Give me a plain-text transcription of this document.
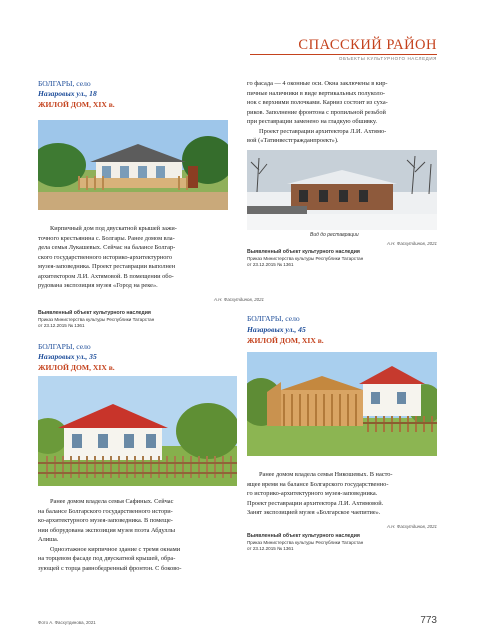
СПАССКИЙ РАЙОН
ОБЪЕКТЫ КУЛЬТУРНОГО НАСЛЕДИЯ
БОЛГАРЫ, село
Назаровых ул., 18
ЖИЛОЙ ДОМ, XIX в.
Кирпичный дом под двускатной крышей зажи-
точного крестьянина с. Болгары. Ранее домом вла-
дела семья Лукашевых. Сейчас на балансе Болгар-
ского государственного историко-архитектурного
музея-заповедника. Проект реставрации выполнен
архитектором Л.И. Ахтямовой. В помещении обо-
рудована экспозиция музея «Город на реке».
А.Н. Фасхутдинов, 2021
Выявленный объект культурного наследия
Приказ Министерства культуры Республики Татарстан
от 23.12.2015 № 1361
БОЛГАРЫ, село
Назаровых ул., 35
ЖИЛОЙ ДОМ, XIX в.
Ранее домом владела семья Сафиных. Сейчас
на балансе Болгарского государственного истори-
ко-архитектурного музея-заповедника. В помеще-
нии оборудована экспозиция музея поэта Абдуллы
Алиша.
Одноэтажное кирпичное здание с тремя окнами
на торцевом фасаде под двускатной крышей, обра-
зующей с торца равнобедренный фронтон. С боково-
го фасада — 4 оконные оси. Окна заключены в кир-
пичные наличники в виде вертикальных полуколо-
нок с верхними полочками. Карниз состоит из суха-
риков. Заполнение фронтона с пропильной резьбой
при реставрации заменено на гладкую обшивку.
Проект реставрации архитектора Л.И. Ахтямо-
вой («Татинвестгражданпроект»).
Вид до реставрации
А.Н. Фасхутдинов, 2021
Выявленный объект культурного наследия
Приказ Министерства культуры Республики Татарстан
от 23.12.2015 № 1361
БОЛГАРЫ, село
Назаровых ул., 45
ЖИЛОЙ ДОМ, XIX в.
Ранее домом владела семья Никошевых. В насто-
ящее время на балансе Болгарского государственно-
го историко-архитектурного музея-заповедника.
Проект реставрации архитектора Л.И. Ахтямовой.
Занят экспозицией музея «Болгарское чаепитие».
А.Н. Фасхутдинов, 2021
Выявленный объект культурного наследия
Приказ Министерства культуры Республики Татарстан
от 23.12.2015 № 1361
Фото А. Фасхутдинова, 2021	773
